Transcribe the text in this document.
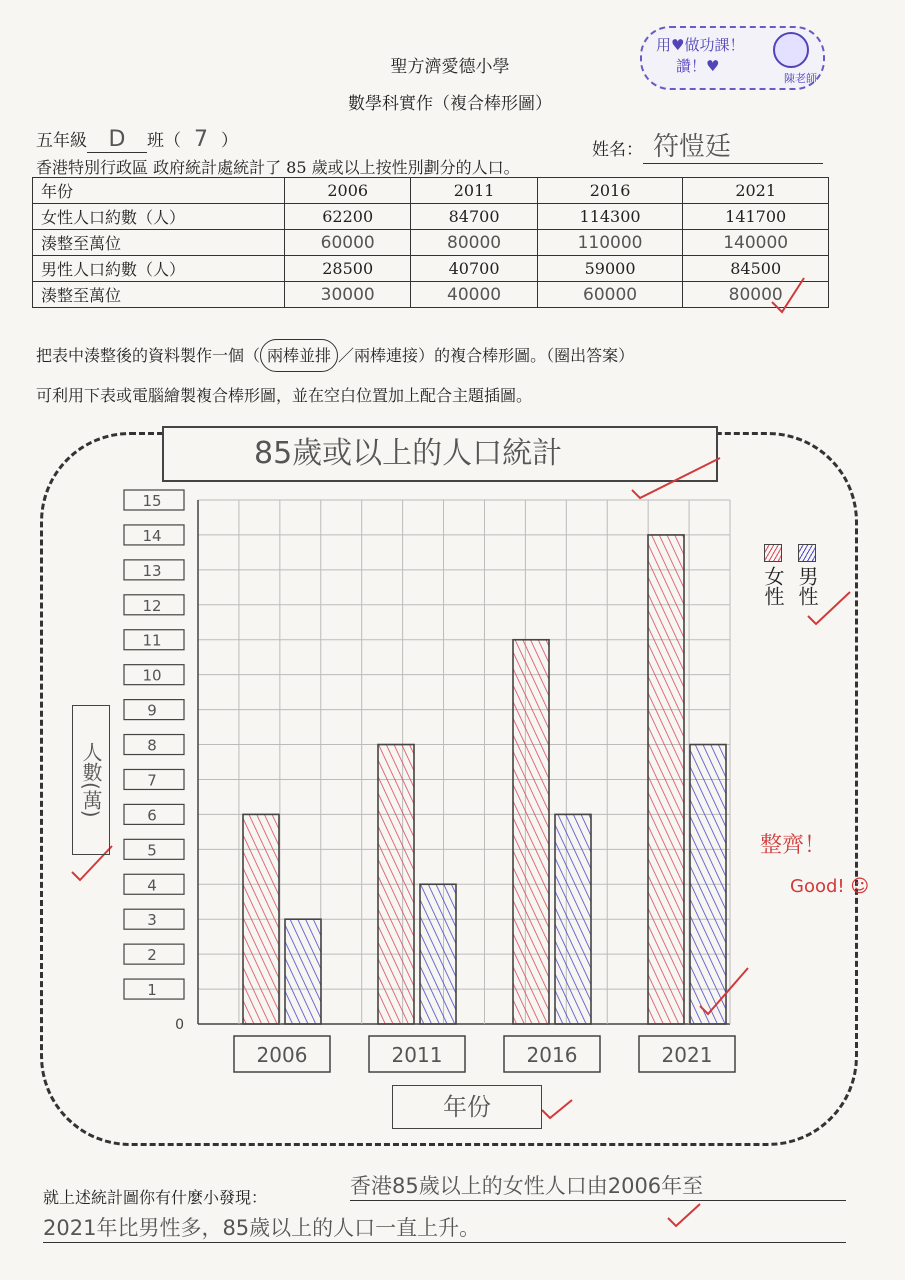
聖方濟愛德小學
數學科實作（複合棒形圖）
用♥做功課！
讚！♥
陳老師
五年級 D 班（ 7 ）	姓名： 符愷廷
香港特別行政區 政府統計處統計了 85 歲或以上按性別劃分的人口。
年份	2006	2011	2016	2021
女性人口約數（人）	62200	84700	114300	141700
湊整至萬位	60000	80000	110000	140000
男性人口約數（人）	28500	40700	59000	84500
湊整至萬位	30000	40000	60000	80000
把表中湊整後的資料製作一個（ 兩棒並排 ／兩棒連接）的複合棒形圖。（圈出答案）
可利用下表或電腦繪製複合棒形圖，並在空白位置加上配合主題插圖。
85歲或以上的人口統計
0
1
2
3
4
5
6
7
8
9
10
11
12
13
14
15
2006	2011	2016	2021
人數(萬)
年份
女性 男性
整齊！
Good! ☺
就上述統計圖你有什麼小發現：	香港85歲以上的女性人口由2006年至
2021年比男性多，85歲以上的人口一直上升。
